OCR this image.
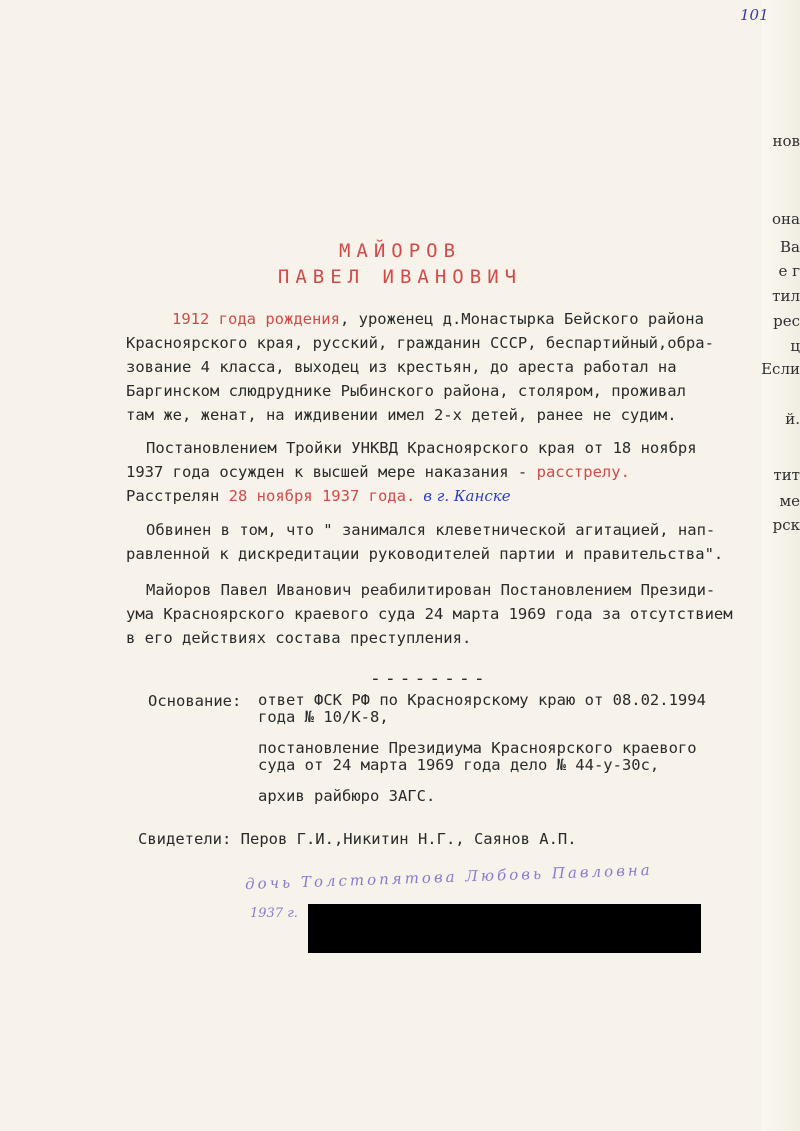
нов
она
Ва
е г
тил
рес
ц
Если
й.
тит
ме
рск
101
МАЙОРОВ
ПАВЕЛ ИВАНОВИЧ
1912 года рождения, уроженец д.Монастырка Бейского района
Красноярского края, русский, гражданин СССР, беспартийный,обра-
зование 4 класса, выходец из крестьян, до ареста работал на
Баргинском слюдруднике Рыбинского района, столяром, проживал
там же, женат, на иждивении имел 2-х детей, ранее не судим.
Постановлением Тройки УНКВД Красноярского края от 18 ноября
1937 года осужден к высшей мере наказания - расстрелу.
Расстрелян 28 ноября 1937 года. в г. Канске
Обвинен в том, что " занимался клеветнической агитацией, нап-
равленной к дискредитации руководителей партии и правительства".
Майоров Павел Иванович реабилитирован Постановлением Президи-
ума Красноярского краевого суда 24 марта 1969 года за отсутствием
в его действиях состава преступления.
--------
Основание: ответ ФСК РФ по Красноярскому краю от 08.02.1994
года № 10/К-8,
постановление Президиума Красноярского краевого
суда от 24 марта 1969 года дело № 44-у-30с,
архив райбюро ЗАГС.
Свидетели: Перов Г.И.,Никитин Н.Г., Саянов А.П.
дочь Толстопятова Любовь Павловна
1937 г.
